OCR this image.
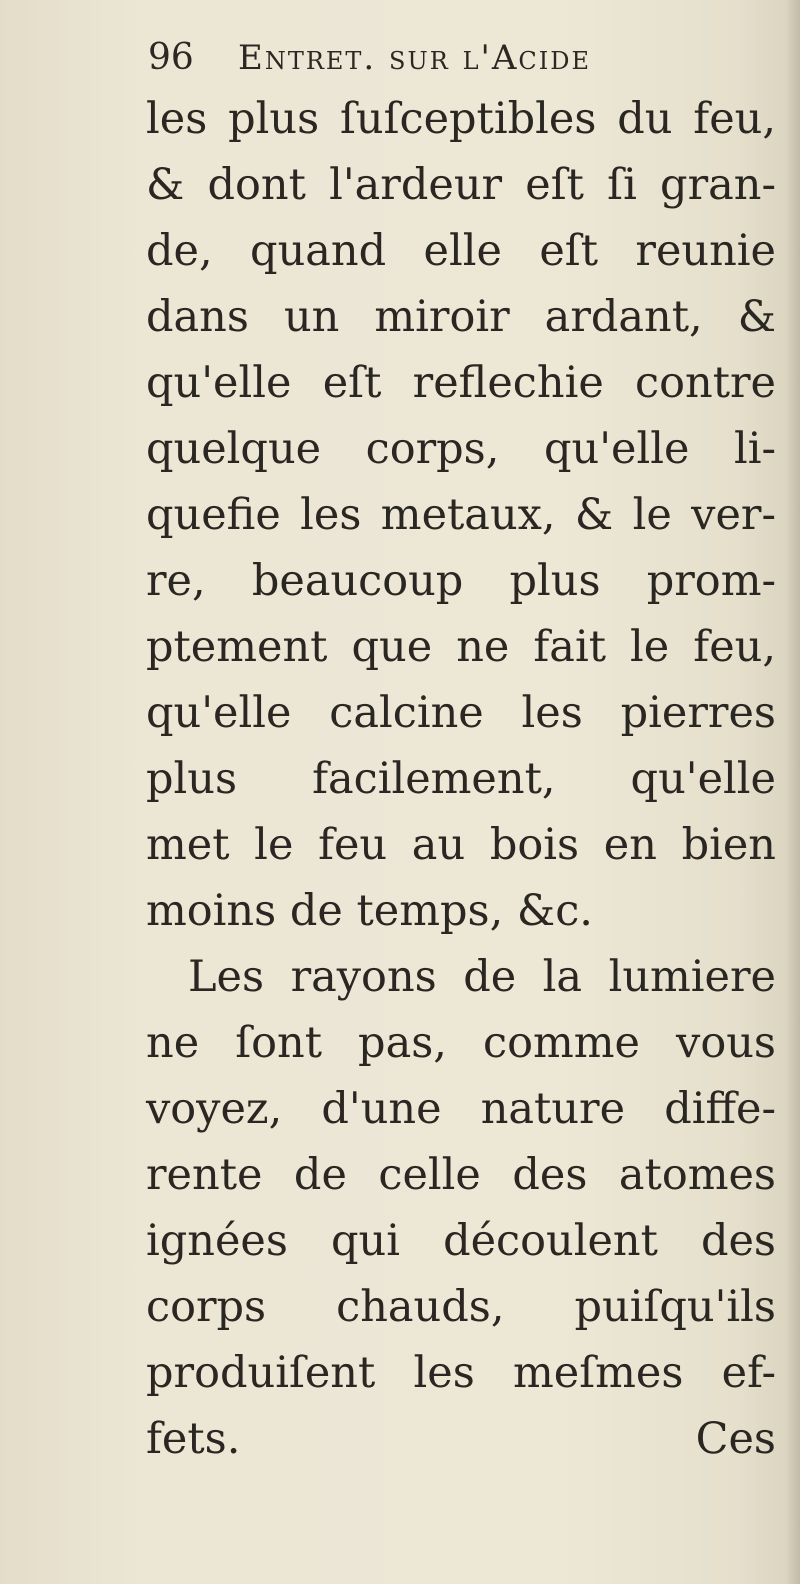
96 Entret. sur l'Acide
les plus ſuſceptibles du feu,
& dont l'ardeur eſt ſi gran-
de, quand elle eſt reunie
dans un miroir ardant, &
qu'elle eſt reflechie contre
quelque corps, qu'elle li-
quefie les metaux, & le ver-
re, beaucoup plus prom-
ptement que ne fait le feu,
qu'elle calcine les pierres
plus facilement, qu'elle
met le feu au bois en bien
moins de temps, &c.
Les rayons de la lumiere
ne ſont pas, comme vous
voyez, d'une nature diffe-
rente de celle des atomes
ignées qui découlent des
corps chauds, puiſqu'ils
produiſent les meſmes ef-
fets.	Ces
